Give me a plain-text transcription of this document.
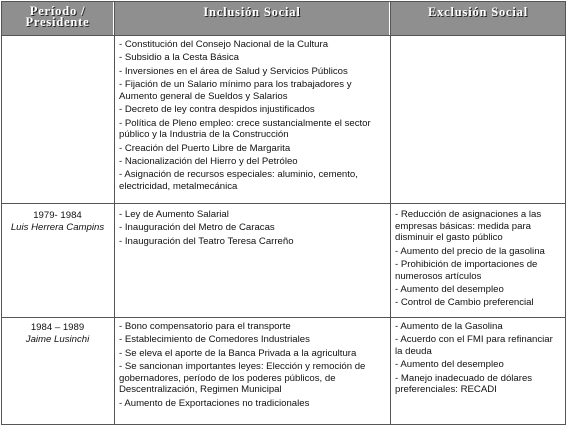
Período /
Presidente
Inclusión Social	Exclusión Social
- Constitución del Consejo Nacional de la Cultura
- Subsidio a la Cesta Básica
- Inversiones en el área de Salud y Servicios Públicos
- Fijación de un Salario mínimo para los trabajadores y Aumento general de Sueldos y Salarios
- Decreto de ley contra despidos injustificados
- Política de Pleno empleo: crece sustancialmente el sector público y la Industria de la Construcción
- Creación del Puerto Libre de Margarita
- Nacionalización del Hierro y del Petróleo
- Asignación de recursos especiales: aluminio, cemento, electricidad, metalmecánica
1979- 1984
Luis Herrera Campins
- Ley de Aumento Salarial
- Inauguración del Metro de Caracas
- Inauguración del Teatro Teresa Carreño
- Reducción de asignaciones a las empresas básicas: medida para disminuir el gasto público
- Aumento del precio de la gasolina
- Prohibición de importaciones de numerosos artículos
- Aumento del desempleo
- Control de Cambio preferencial
1984 – 1989
Jaime Lusinchi
- Bono compensatorio para el transporte
- Establecimiento de Comedores Industriales
- Se eleva el aporte de la Banca Privada a la agricultura
- Se sancionan importantes leyes: Elección y remoción de gobernadores, período de los poderes públicos, de Descentralización, Regimen Municipal
- Aumento de Exportaciones no tradicionales
- Aumento de la Gasolina
- Acuerdo con el FMI para refinanciar la deuda
- Aumento del desempleo
- Manejo inadecuado de dólares preferenciales: RECADI
